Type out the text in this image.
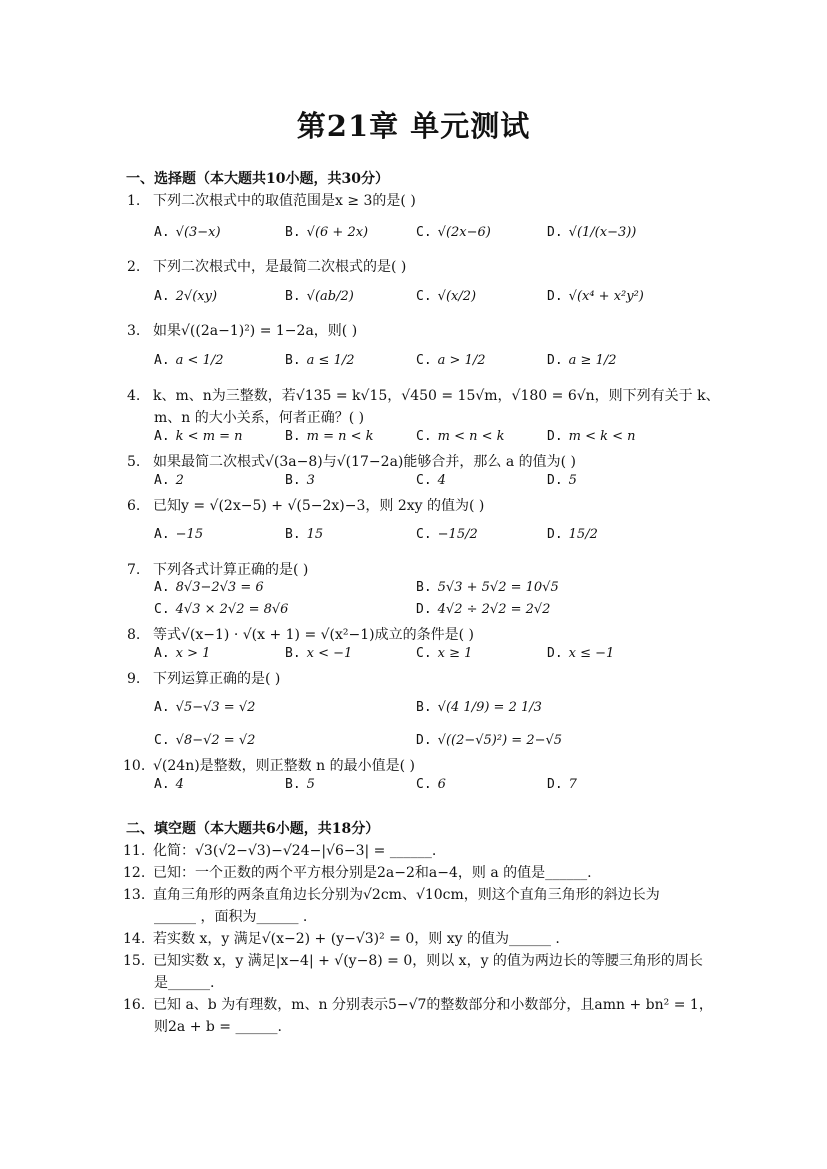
第21章 单元测试
一、选择题（本大题共10小题，共30分）
1. 下列二次根式中的取值范围是x ≥ 3的是( )
A. √(3−x)	B. √(6 + 2x)	C. √(2x−6)	D. √(1/(x−3))
2. 下列二次根式中，是最简二次根式的是( )
A. 2√(xy)	B. √(ab/2)	C. √(x/2)	D. √(x⁴ + x²y²)
3. 如果√((2a−1)²) = 1−2a，则( )
A. a < 1/2	B. a ≤ 1/2	C. a > 1/2	D. a ≥ 1/2
4. k、m、n为三整数，若√135 = k√15，√450 = 15√m，√180 = 6√n，则下列有关于 k、
m、n 的大小关系，何者正确？( )
A. k < m = n	B. m = n < k	C. m < n < k	D. m < k < n
5. 如果最简二次根式√(3a−8)与√(17−2a)能够合并，那么 a 的值为( )
A. 2	B. 3	C. 4	D. 5
6. 已知y = √(2x−5) + √(5−2x)−3，则 2xy 的值为( )
A. −15	B. 15	C. −15/2	D. 15/2
7. 下列各式计算正确的是( )
A. 8√3−2√3 = 6	B. 5√3 + 5√2 = 10√5
C. 4√3 × 2√2 = 8√6	D. 4√2 ÷ 2√2 = 2√2
8. 等式√(x−1) · √(x + 1) = √(x²−1)成立的条件是( )
A. x > 1	B. x < −1	C. x ≥ 1	D. x ≤ −1
9. 下列运算正确的是( )
A. √5−√3 = √2	B. √(4 1/9) = 2 1/3
C. √8−√2 = √2	D. √((2−√5)²) = 2−√5
10. √(24n)是整数，则正整数 n 的最小值是( )
A. 4	B. 5	C. 6	D. 7
二、填空题（本大题共6小题，共18分）
11. 化简：√3(√2−√3)−√24−|√6−3| = ______.
12. 已知：一个正数的两个平方根分别是2a−2和a−4，则 a 的值是______.
13. 直角三角形的两条直角边长分别为√2cm、√10cm，则这个直角三角形的斜边长为
______ ，面积为______ .
14. 若实数 x，y 满足√(x−2) + (y−√3)² = 0，则 xy 的值为______ .
15. 已知实数 x，y 满足|x−4| + √(y−8) = 0，则以 x，y 的值为两边长的等腰三角形的周长
是______.
16. 已知 a、b 为有理数，m、n 分别表示5−√7的整数部分和小数部分，且amn + bn² = 1，
则2a + b = ______.
